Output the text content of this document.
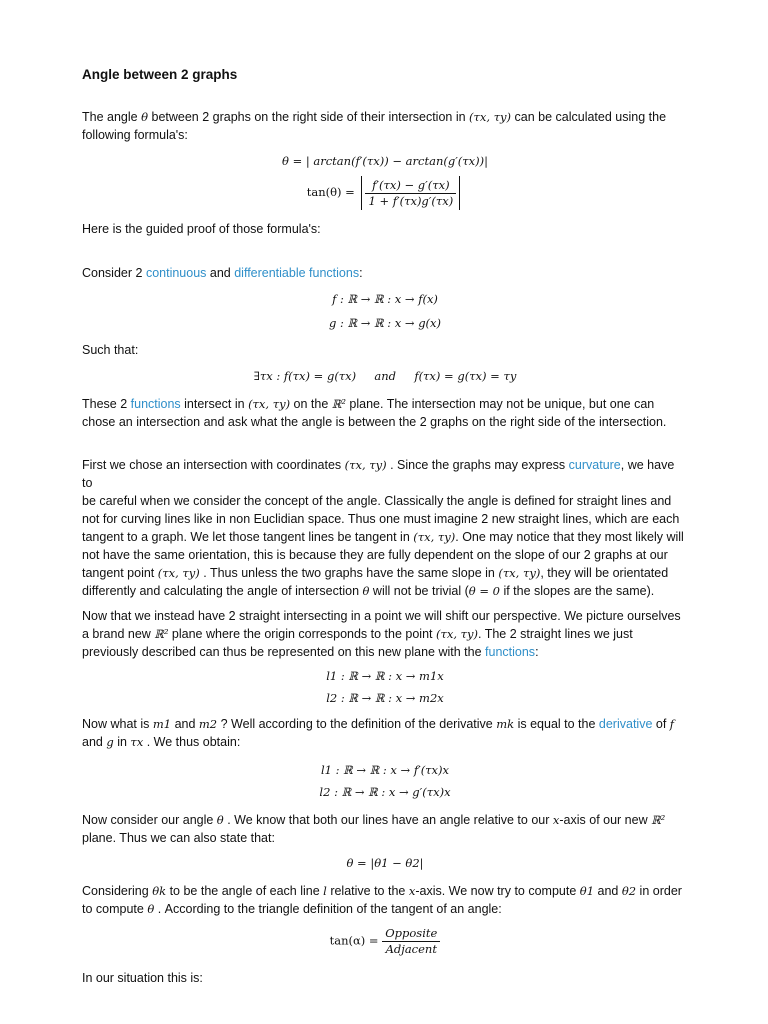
Angle between 2 graphs

The angle θ between 2 graphs on the right side of their intersection in (τx, τy) can be calculated using the
following formula's:

θ = | arctan(f′(τx)) − arctan(g′(τx))|
$\tan(\theta) = \frac{f'(\tau x) - g'(\tau x)}{1 + f'(\tau x)g'(\tau x)}$

Here is the guided proof of those formula's:

Consider 2 continuous and differentiable functions:

f : ℝ → ℝ : x → f(x)
g : ℝ → ℝ : x → g(x)

Such that:

∃τx : f(τx) = g(τx)     and     f(τx) = g(τx) = τy

These 2 functions intersect in (τx, τy) on the ℝ² plane. The intersection may not be unique, but one can
chose an intersection and ask what the angle is between the 2 graphs on the right side of the intersection.

First we chose an intersection with coordinates (τx, τy) . Since the graphs may express curvature, we have to
be careful when we consider the concept of the angle. Classically the angle is defined for straight lines and
not for curving lines like in non Euclidian space. Thus one must imagine 2 new straight lines, which are each
tangent to a graph. We let those tangent lines be tangent in (τx, τy). One may notice that they most likely will
not have the same orientation, this is because they are fully dependent on the slope of our 2 graphs at our
tangent point (τx, τy) . Thus unless the two graphs have the same slope in (τx, τy), they will be orientated
differently and calculating the angle of intersection θ will not be trivial (θ = 0 if the slopes are the same).

Now that we instead have 2 straight intersecting in a point we will shift our perspective. We picture ourselves
a brand new ℝ² plane where the origin corresponds to the point (τx, τy). The 2 straight lines we just
previously described can thus be represented on this new plane with the functions:

l1 : ℝ → ℝ : x → m1x
l2 : ℝ → ℝ : x → m2x

Now what is m1 and m2 ? Well according to the definition of the derivative mk is equal to the derivative of f
and g in τx . We thus obtain:

l1 : ℝ → ℝ : x → f′(τx)x
l2 : ℝ → ℝ : x → g′(τx)x

Now consider our angle θ . We know that both our lines have an angle relative to our x-axis of our new ℝ²
plane. Thus we can also state that:

θ = |θ1 − θ2|

Considering θk to be the angle of each line l relative to the x-axis. We now try to compute θ1 and θ2 in order
to compute θ . According to the triangle definition of the tangent of an angle:

$\tan(\alpha) = \frac{\text{Opposite}}{\text{Adjacent}}$

In our situation this is:
